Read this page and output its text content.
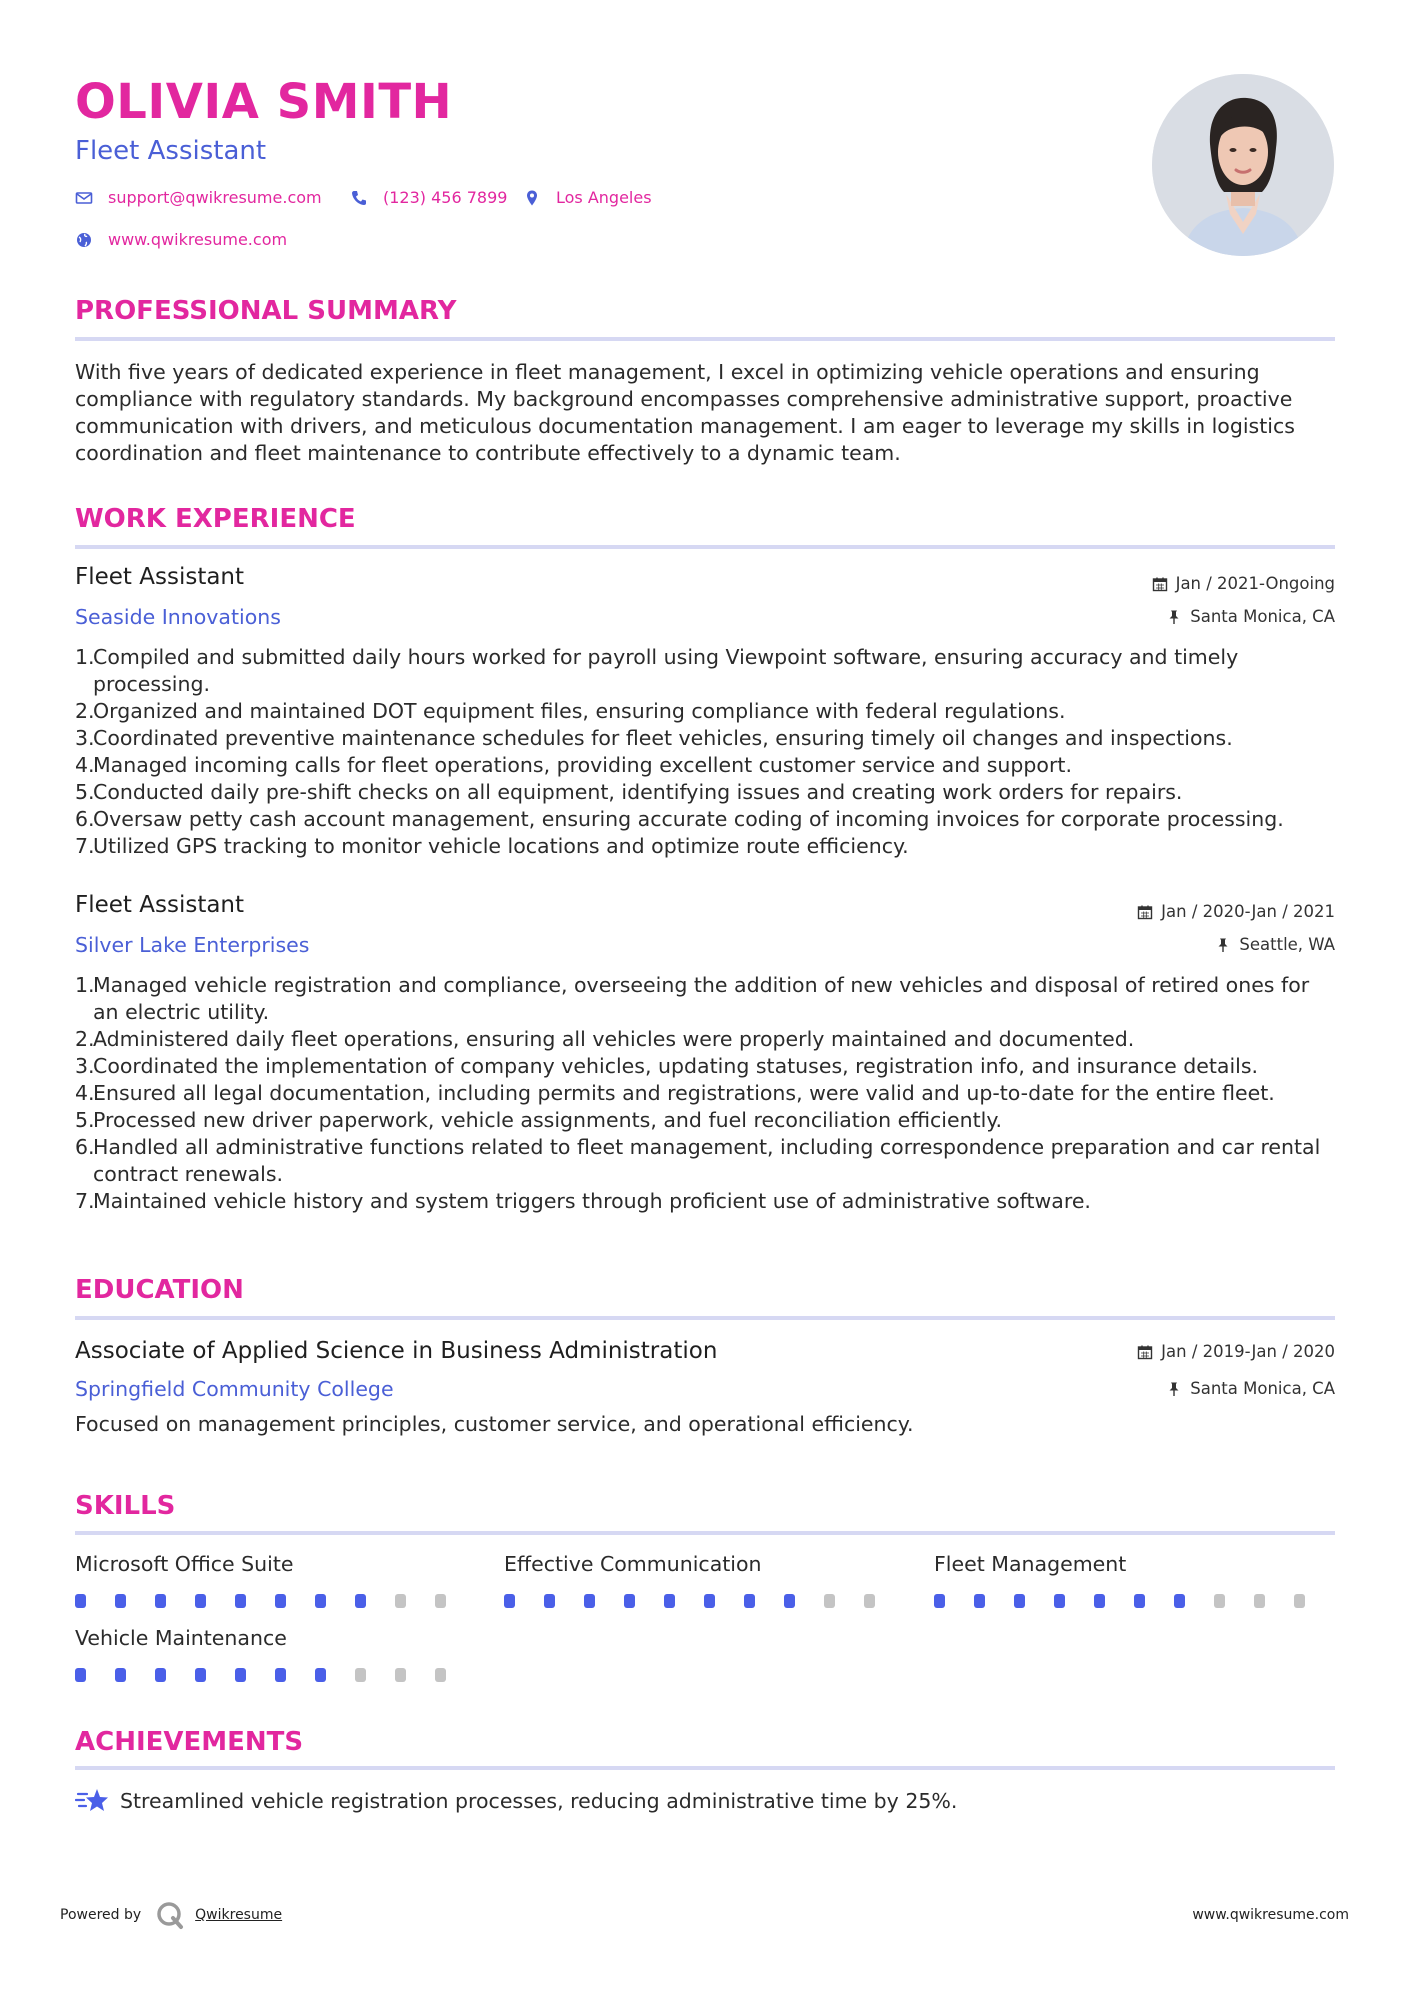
OLIVIA SMITH
Fleet Assistant
support@qwikresume.com	(123) 456 7899	Los Angeles
www.qwikresume.com
PROFESSIONAL SUMMARY

With five years of dedicated experience in fleet management, I excel in optimizing vehicle operations and ensuring compliance with regulatory standards. My background encompasses comprehensive administrative support, proactive communication with drivers, and meticulous documentation management. I am eager to leverage my skills in logistics coordination and fleet maintenance to contribute effectively to a dynamic team.

WORK EXPERIENCE
Fleet Assistant
Seaside Innovations
Jan / 2021-Ongoing
Santa Monica, CA
1.
Compiled and submitted daily hours worked for payroll using Viewpoint software, ensuring accuracy and timely processing.
2.
Organized and maintained DOT equipment files, ensuring compliance with federal regulations.
3.
Coordinated preventive maintenance schedules for fleet vehicles, ensuring timely oil changes and inspections.
4.
Managed incoming calls for fleet operations, providing excellent customer service and support.
5.
Conducted daily pre-shift checks on all equipment, identifying issues and creating work orders for repairs.
6.
Oversaw petty cash account management, ensuring accurate coding of incoming invoices for corporate processing.
7.
Utilized GPS tracking to monitor vehicle locations and optimize route efficiency.
Fleet Assistant
Silver Lake Enterprises
Jan / 2020-Jan / 2021
Seattle, WA
1.
Managed vehicle registration and compliance, overseeing the addition of new vehicles and disposal of retired ones for an electric utility.
2.
Administered daily fleet operations, ensuring all vehicles were properly maintained and documented.
3.
Coordinated the implementation of company vehicles, updating statuses, registration info, and insurance details.
4.
Ensured all legal documentation, including permits and registrations, were valid and up-to-date for the entire fleet.
5.
Processed new driver paperwork, vehicle assignments, and fuel reconciliation efficiently.
6.
Handled all administrative functions related to fleet management, including correspondence preparation and car rental contract renewals.
7.
Maintained vehicle history and system triggers through proficient use of administrative software.
EDUCATION
Associate of Applied Science in Business Administration
Springfield Community College
Jan / 2019-Jan / 2020
Santa Monica, CA
Focused on management principles, customer service, and operational efficiency.
SKILLS
Microsoft Office Suite	Effective Communication	Fleet Management
Vehicle Maintenance
ACHIEVEMENTS
Streamlined vehicle registration processes, reducing administrative time by 25%.
Powered by	Qwikresume	www.qwikresume.com
